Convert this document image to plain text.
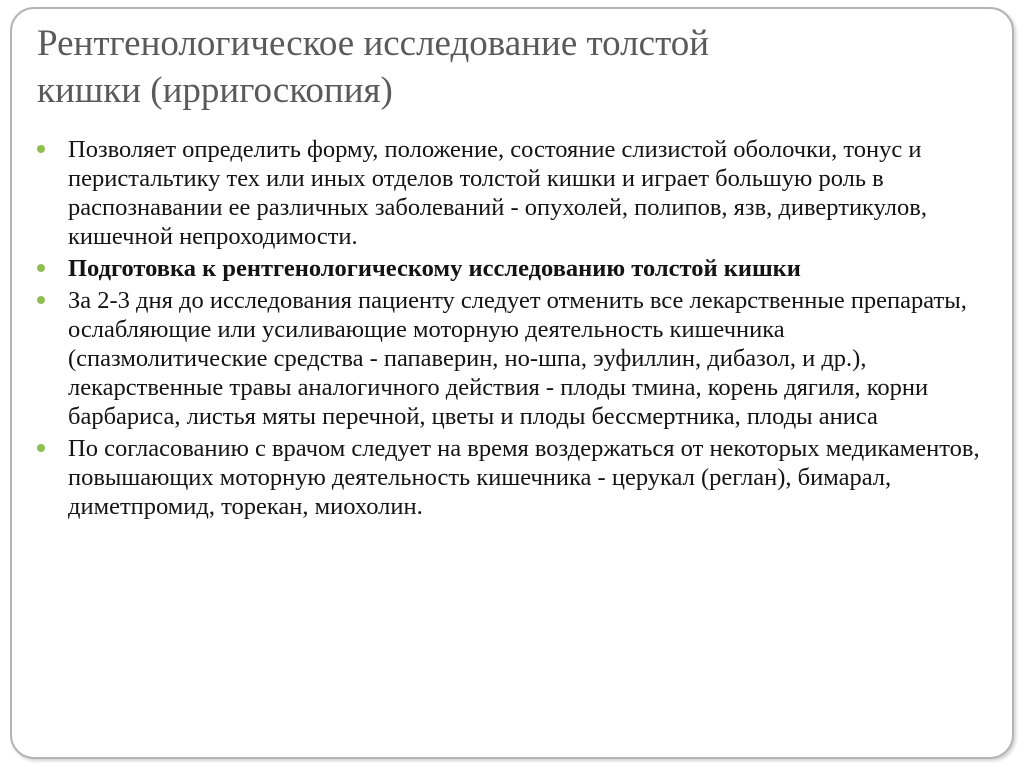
Рентгенологическое исследование толстой
кишки (ирригоскопия)
Позволяет определить форму, положение, состояние слизистой оболочки, тонус и перистальтику тех или иных отделов толстой кишки и играет большую роль в распознавании ее различных заболеваний - опухолей, полипов, язв, дивертикулов, кишечной непроходимости.
Подготовка к рентгенологическому исследованию толстой кишки
За 2-3 дня до исследования пациенту следует отменить все лекарственные препараты, ослабляющие или усиливающие моторную деятельность кишечника (спазмолитические средства - папаверин, но-шпа, эуфиллин, дибазол, и др.), лекарственные травы аналогичного действия - плоды тмина, корень дягиля, корни барбариса, листья мяты перечной, цветы и плоды бессмертника, плоды аниса
По согласованию с врачом следует на время воздержаться от некоторых медикаментов, повышающих моторную деятельность кишечника - церукал (реглан), бимарал, диметпромид, торекан, миохолин.
